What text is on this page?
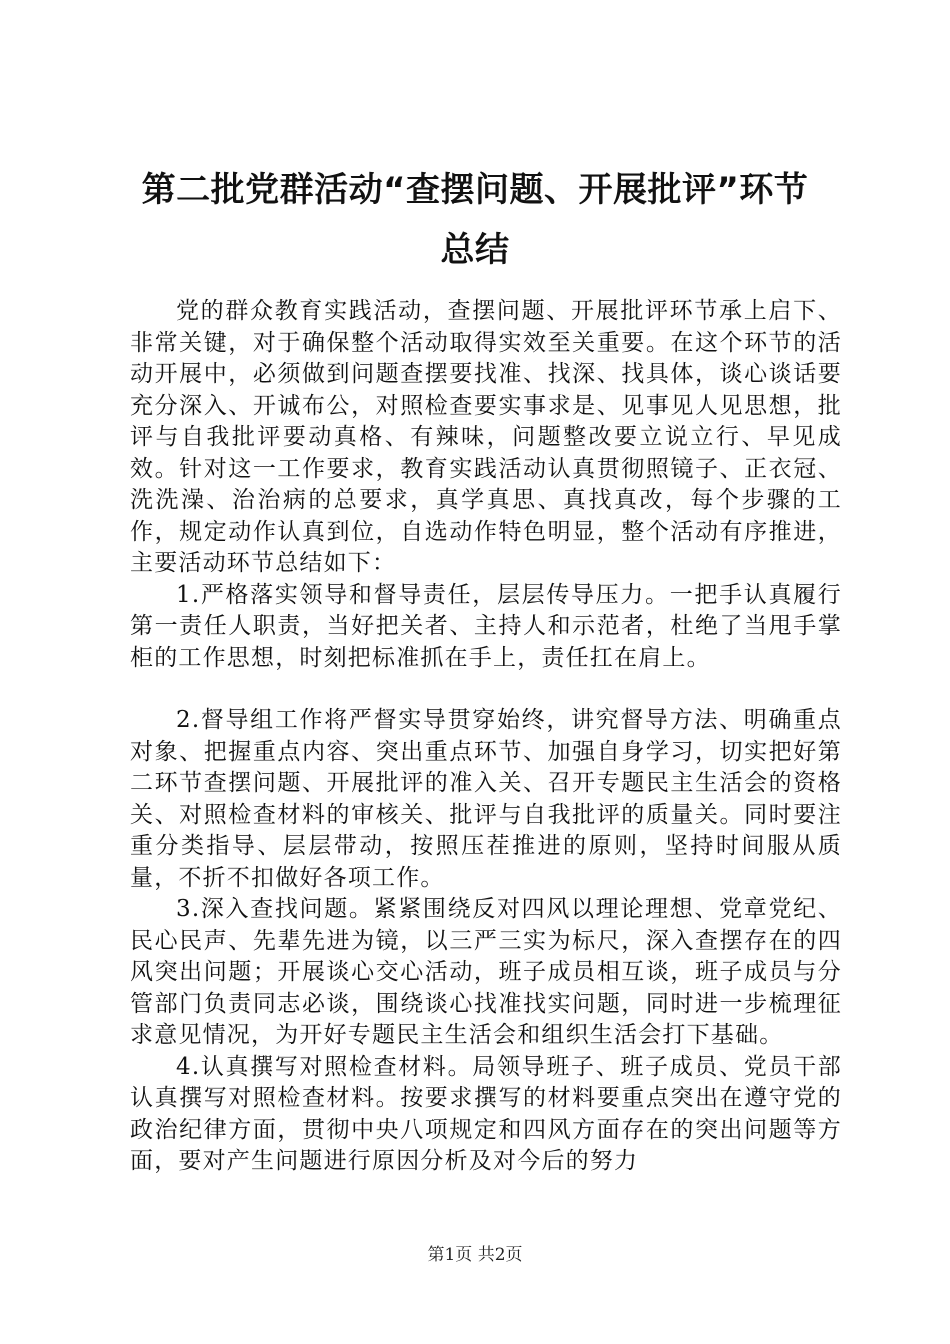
第二批党群活动“查摆问题、开展批评”环节
总结

党的群众教育实践活动，查摆问题、开展批评环节承上启下、非常关键，对于确保整个活动取得实效至关重要。在这个环节的活动开展中，必须做到问题查摆要找准、找深、找具体，谈心谈话要充分深入、开诚布公，对照检查要实事求是、见事见人见思想，批评与自我批评要动真格、有辣味，问题整改要立说立行、早见成效。针对这一工作要求，教育实践活动认真贯彻照镜子、正衣冠、洗洗澡、治治病的总要求，真学真思、真找真改，每个步骤的工作，规定动作认真到位，自选动作特色明显，整个活动有序推进，主要活动环节总结如下：

1.严格落实领导和督导责任，层层传导压力。一把手认真履行第一责任人职责，当好把关者、主持人和示范者，杜绝了当甩手掌柜的工作思想，时刻把标准抓在手上，责任扛在肩上。

2.督导组工作将严督实导贯穿始终，讲究督导方法、明确重点对象、把握重点内容、突出重点环节、加强自身学习，切实把好第二环节查摆问题、开展批评的准入关、召开专题民主生活会的资格关、对照检查材料的审核关、批评与自我批评的质量关。同时要注重分类指导、层层带动，按照压茬推进的原则，坚持时间服从质量，不折不扣做好各项工作。

3.深入查找问题。紧紧围绕反对四风以理论理想、党章党纪、民心民声、先辈先进为镜，以三严三实为标尺，深入查摆存在的四风突出问题；开展谈心交心活动，班子成员相互谈，班子成员与分管部门负责同志必谈，围绕谈心找准找实问题，同时进一步梳理征求意见情况，为开好专题民主生活会和组织生活会打下基础。

4.认真撰写对照检查材料。局领导班子、班子成员、党员干部认真撰写对照检查材料。按要求撰写的材料要重点突出在遵守党的政治纪律方面，贯彻中央八项规定和四风方面存在的突出问题等方面，要对产生问题进行原因分析及对今后的努力

第1页 共2页
